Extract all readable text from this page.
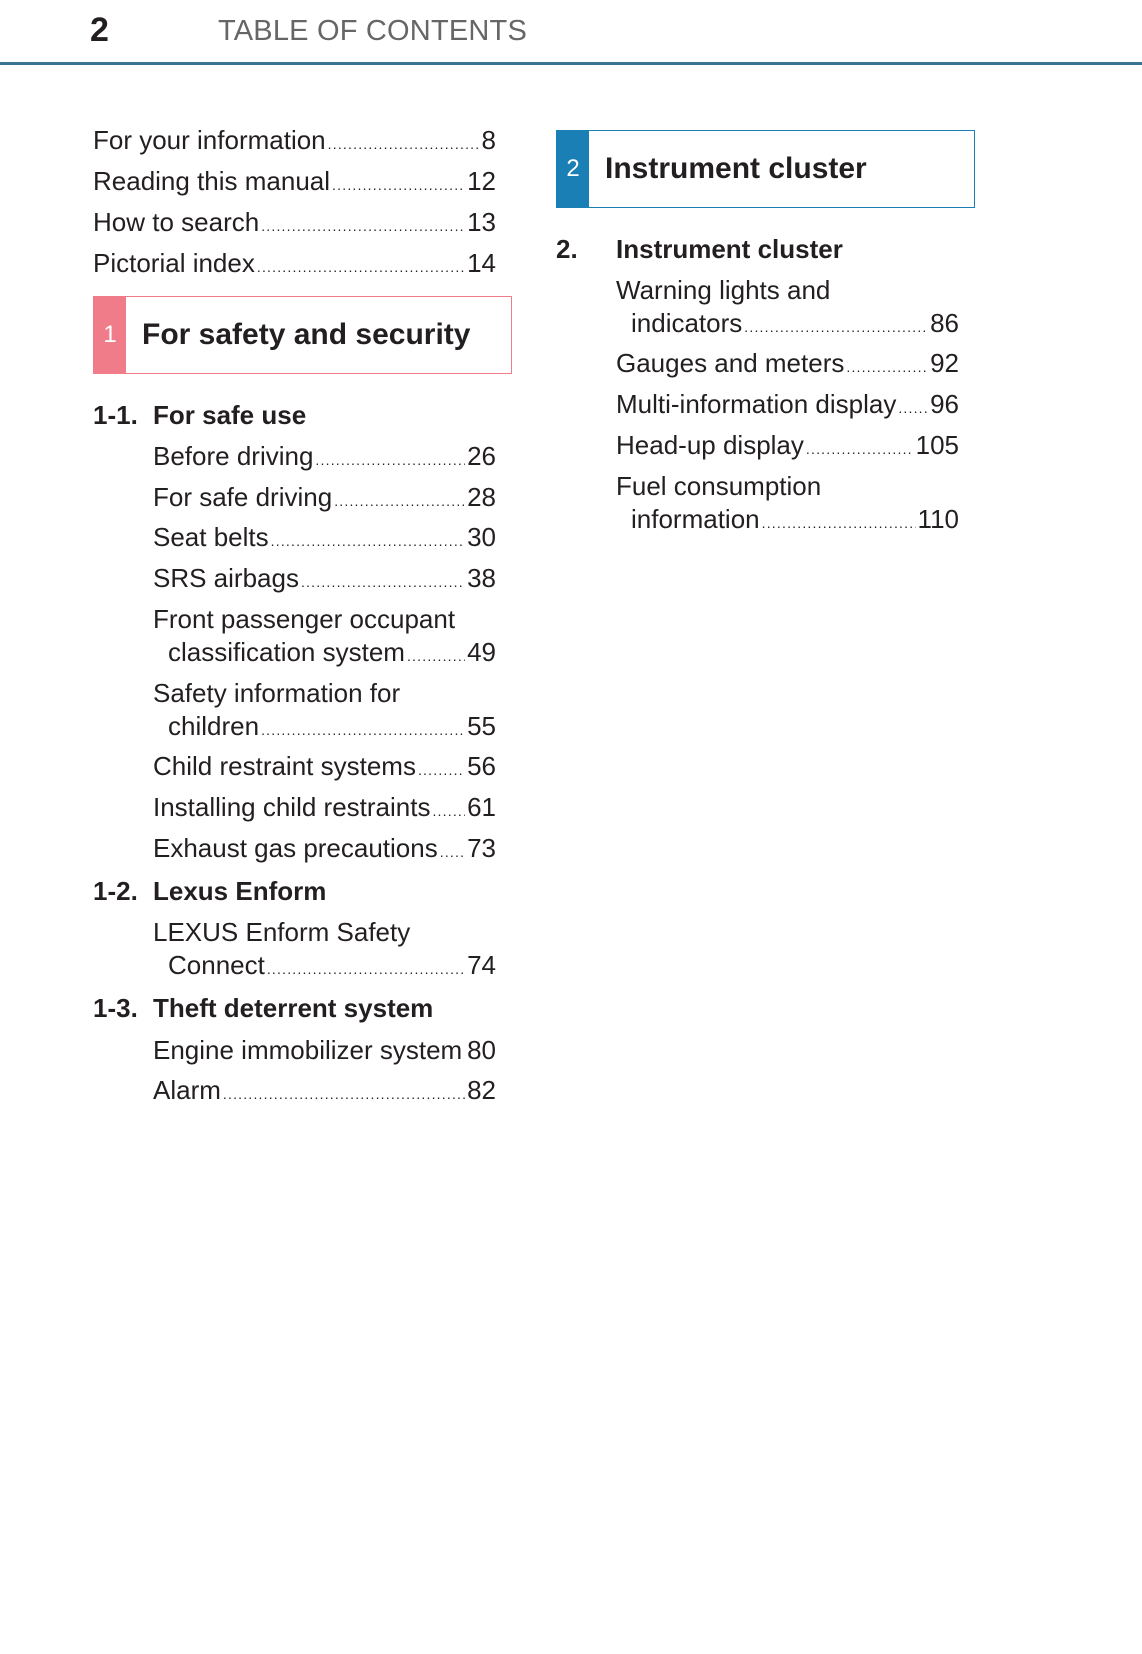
2	TABLE OF CONTENTS
For your information .....	8
Reading this manual .....	12
How to search .....	13
Pictorial index .....	14
1 For safety and security
1-1. For safe use
Before driving .....	26
For safe driving .....	28
Seat belts .....	30
SRS airbags .....	38
Front passenger occupant
classification system ..... 49
Safety information for
children .....	55
Child restraint systems ..... 56
Installing child restraints ..... 61
Exhaust gas precautions ..... 73
1-2. Lexus Enform
LEXUS Enform Safety
Connect .....	74
1-3. Theft deterrent system
Engine immobilizer system ..... 80
Alarm .....	82
2 Instrument cluster
2. Instrument cluster
Warning lights and
indicators .....	86
Gauges and meters .....	92
Multi-information display ..... 96
Head-up display .....	105
Fuel consumption
information .....	110
